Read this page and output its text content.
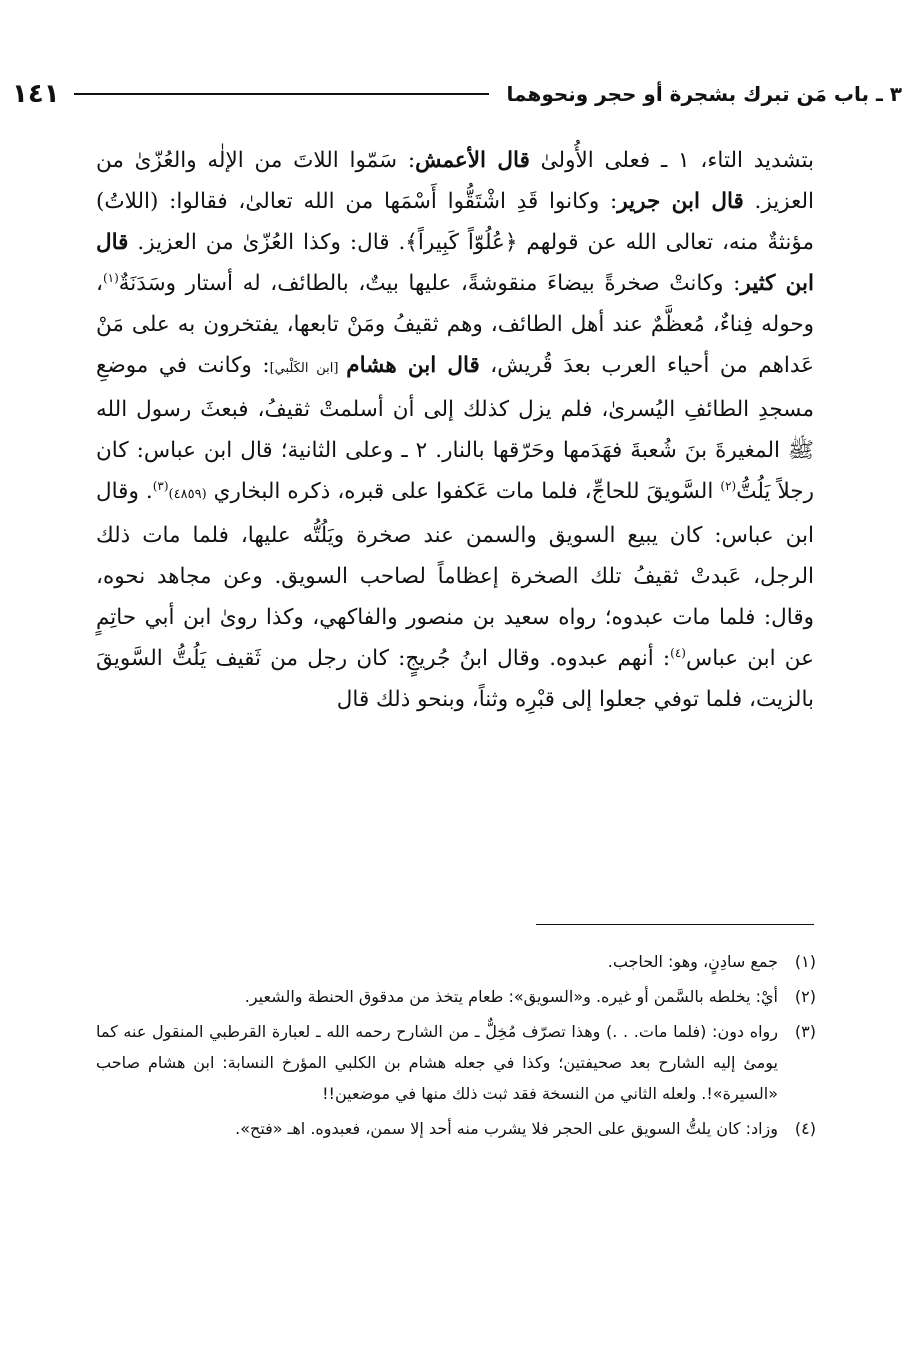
٣ ـ باب مَن تبرك بشجرة أو حجر ونحوهما
١٤١

بتشديد التاء، ١ ـ فعلى الأُولىٰ قال الأعمش: سَمّوا اللاتَ من الإلٰه والعُزّىٰ من العزيز. قال ابن جرير: وكانوا قَدِ اشْتَقُّوا أَسْمَها من الله تعالىٰ، فقالوا: (اللاتُ) مؤنثةٌ منه، تعالى الله عن قولهم ﴿عُلُوّاً كَبِيراً﴾. قال: وكذا العُزّىٰ من العزيز. قال ابن كثير: وكانتْ صخرةً بيضاءَ منقوشةً، عليها بيتٌ، بالطائف، له أستار وسَدَنَةٌ$^{(١)}$، وحوله فِناءٌ، مُعظَّمٌ عند أهل الطائف، وهم ثقيفُ ومَنْ تابعها، يفتخرون به على مَنْ عَداهم من أحياء العرب بعدَ قُريش، قال ابن هشام [ابن الكَلْبي]: وكانت في موضعِ مسجدِ الطائفِ اليُسرىٰ، فلم يزل كذلك إلى أن أسلمتْ ثقيفُ، فبعثَ رسول الله ﷺ المغيرةَ بنَ شُعبةَ فهَدَمها وحَرّقها بالنار. ٢ ـ وعلى الثانية؛ قال ابن عباس: كان رجلاً يَلُتُّ$^{(٢)}$ السَّويقَ للحاجِّ، فلما مات عَكفوا على قبره، ذكره البخاري (٤٨٥٩)$^{(٣)}$. وقال ابن عباس: كان يبيع السويق والسمن عند صخرة ويَلُتُّه عليها، فلما مات ذلك الرجل، عَبدتْ ثقيفُ تلك الصخرة إعظاماً لصاحب السويق. وعن مجاهد نحوه، وقال: فلما مات عبدوه؛ رواه سعيد بن منصور والفاكهي، وكذا روىٰ ابن أبي حاتِمٍ عن ابن عباس$^{(٤)}$: أنهم عبدوه. وقال ابنُ جُريجٍ: كان رجل من ثَقيف يَلُتُّ السَّويقَ بالزيت، فلما توفي جعلوا إلى قبْرِه وثناً، وبنحو ذلك قال

(١)
جمع سادِنٍ، وهو: الحاجب.
(٢)
أيْ: يخلطه بالسَّمن أو غيره. و«السويق»: طعام يتخذ من مدقوق الحنطة والشعير.
(٣)
رواه دون: (فلما مات. . .) وهذا تصرّف مُخِلٌّ ـ من الشارح رحمه الله ـ لعبارة القرطبي المنقول عنه كما يومئ إليه الشارح بعد صحيفتين؛ وكذا في جعله هشام بن الكلبي المؤرخ النسابة: ابن هشام صاحب «السيرة»!. ولعله الثاني من النسخة فقد ثبت ذلك منها في موضعين!!
(٤)
وزاد: كان يلتُّ السويق على الحجر فلا يشرب منه أحد إلا سمن، فعبدوه. اهـ «فتح».
